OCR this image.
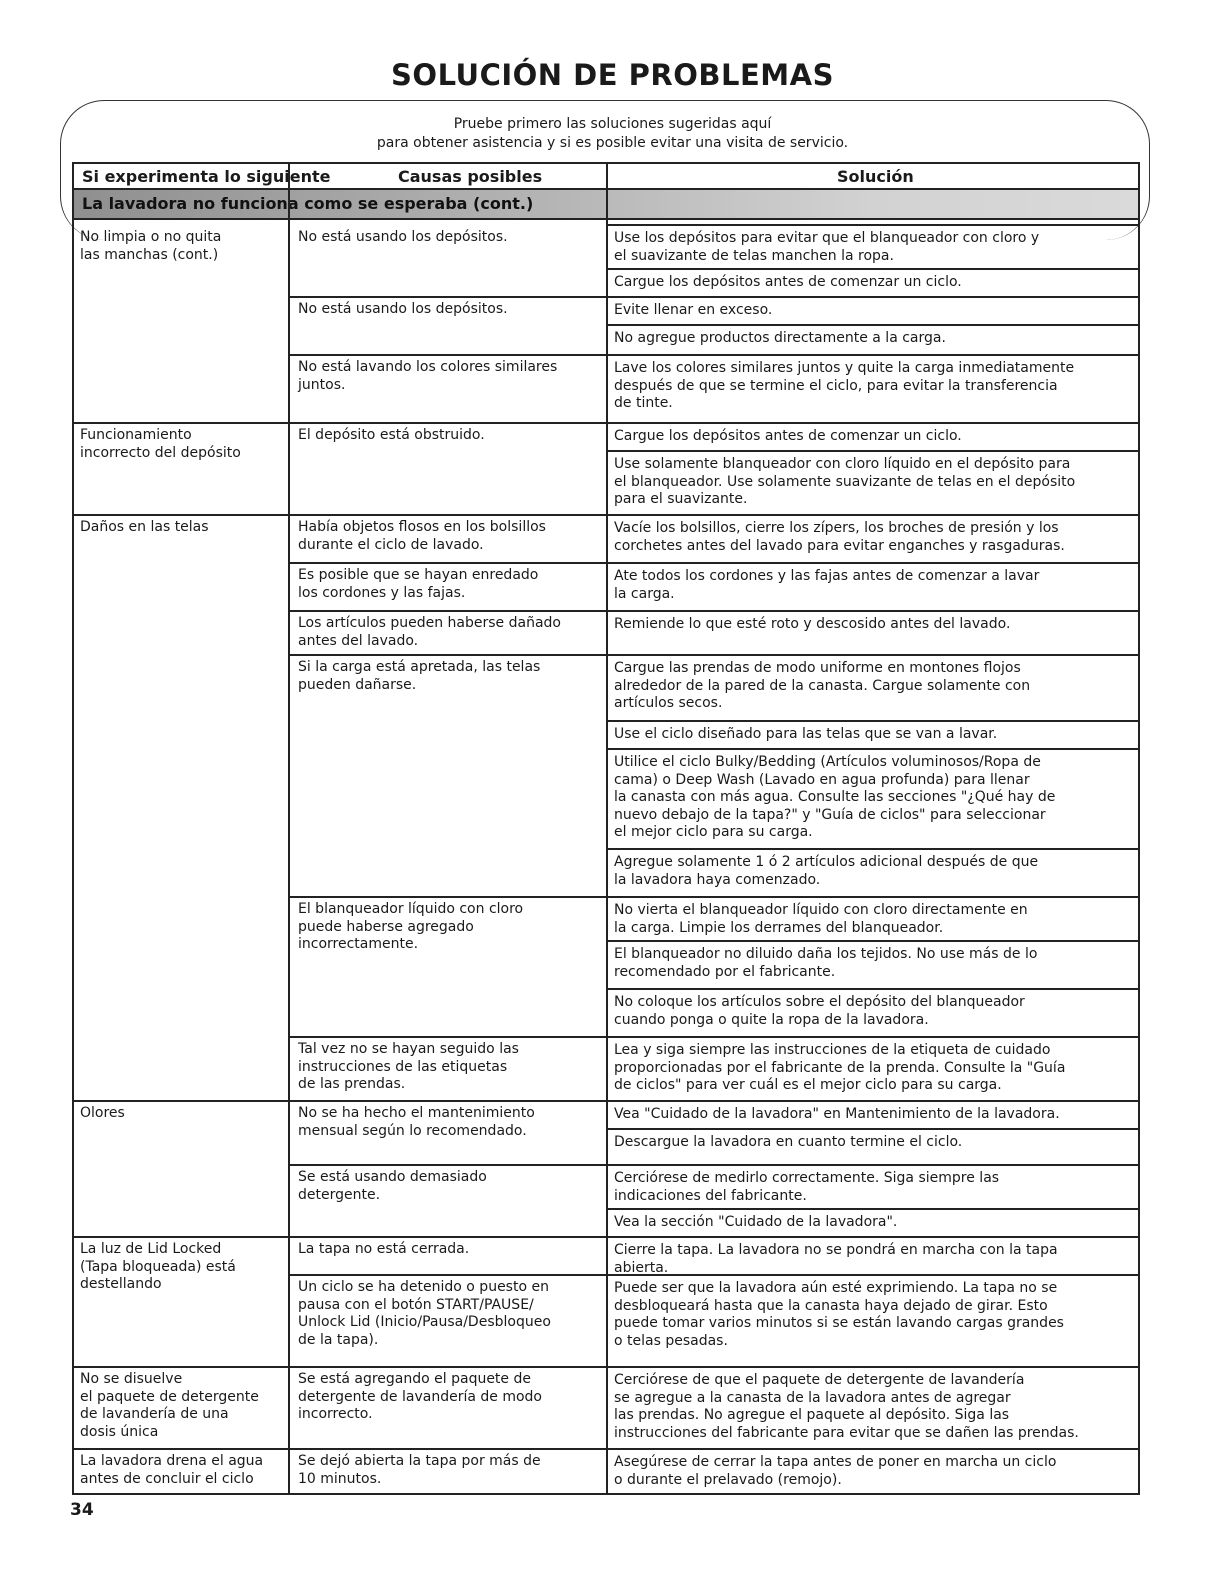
SOLUCIÓN DE PROBLEMAS
Pruebe primero las soluciones sugeridas aquí
para obtener asistencia y si es posible evitar una visita de servicio.
Si experimenta lo siguiente	Causas posibles	Solución
La lavadora no funciona como se esperaba (cont.)
No limpia o no quita
las manchas (cont.)
Funcionamiento
incorrecto del depósito
Daños en las telas
Olores
La luz de Lid Locked
(Tapa bloqueada) está
destellando
No se disuelve
el paquete de detergente
de lavandería de una
dosis única
La lavadora drena el agua
antes de concluir el ciclo
No está usando los depósitos.
No está usando los depósitos.
No está lavando los colores similares
juntos.
El depósito está obstruido.
Había objetos flosos en los bolsillos
durante el ciclo de lavado.
Es posible que se hayan enredado
los cordones y las fajas.
Los artículos pueden haberse dañado
antes del lavado.
Si la carga está apretada, las telas
pueden dañarse.
El blanqueador líquido con cloro
puede haberse agregado
incorrectamente.
Tal vez no se hayan seguido las
instrucciones de las etiquetas
de las prendas.
No se ha hecho el mantenimiento
mensual según lo recomendado.
Se está usando demasiado
detergente.
La tapa no está cerrada.
Un ciclo se ha detenido o puesto en
pausa con el botón START/PAUSE/
Unlock Lid (Inicio/Pausa/Desbloqueo
de la tapa).
Se está agregando el paquete de
detergente de lavandería de modo
incorrecto.
Se dejó abierta la tapa por más de
10 minutos.
Use los depósitos para evitar que el blanqueador con cloro y
el suavizante de telas manchen la ropa.
Cargue los depósitos antes de comenzar un ciclo.
Evite llenar en exceso.
No agregue productos directamente a la carga.
Lave los colores similares juntos y quite la carga inmediatamente
después de que se termine el ciclo, para evitar la transferencia
de tinte.
Cargue los depósitos antes de comenzar un ciclo.
Use solamente blanqueador con cloro líquido en el depósito para
el blanqueador. Use solamente suavizante de telas en el depósito
para el suavizante.
Vacíe los bolsillos, cierre los zípers, los broches de presión y los
corchetes antes del lavado para evitar enganches y rasgaduras.
Ate todos los cordones y las fajas antes de comenzar a lavar
la carga.
Remiende lo que esté roto y descosido antes del lavado.
Cargue las prendas de modo uniforme en montones flojos
alrededor de la pared de la canasta. Cargue solamente con
artículos secos.
Use el ciclo diseñado para las telas que se van a lavar.
Utilice el ciclo Bulky/Bedding (Artículos voluminosos/Ropa de
cama) o Deep Wash (Lavado en agua profunda) para llenar
la canasta con más agua. Consulte las secciones "¿Qué hay de
nuevo debajo de la tapa?" y "Guía de ciclos" para seleccionar
el mejor ciclo para su carga.
Agregue solamente 1 ó 2 artículos adicional después de que
la lavadora haya comenzado.
No vierta el blanqueador líquido con cloro directamente en
la carga. Limpie los derrames del blanqueador.
El blanqueador no diluido daña los tejidos. No use más de lo
recomendado por el fabricante.
No coloque los artículos sobre el depósito del blanqueador
cuando ponga o quite la ropa de la lavadora.
Lea y siga siempre las instrucciones de la etiqueta de cuidado
proporcionadas por el fabricante de la prenda. Consulte la "Guía
de ciclos" para ver cuál es el mejor ciclo para su carga.
Vea "Cuidado de la lavadora" en Mantenimiento de la lavadora.
Descargue la lavadora en cuanto termine el ciclo.
Cerciórese de medirlo correctamente. Siga siempre las
indicaciones del fabricante.
Vea la sección "Cuidado de la lavadora".
Cierre la tapa. La lavadora no se pondrá en marcha con la tapa
abierta.
Puede ser que la lavadora aún esté exprimiendo. La tapa no se
desbloqueará hasta que la canasta haya dejado de girar. Esto
puede tomar varios minutos si se están lavando cargas grandes
o telas pesadas.
Cerciórese de que el paquete de detergente de lavandería
se agregue a la canasta de la lavadora antes de agregar
las prendas. No agregue el paquete al depósito. Siga las
instrucciones del fabricante para evitar que se dañen las prendas.
Asegúrese de cerrar la tapa antes de poner en marcha un ciclo
o durante el prelavado (remojo).
34
